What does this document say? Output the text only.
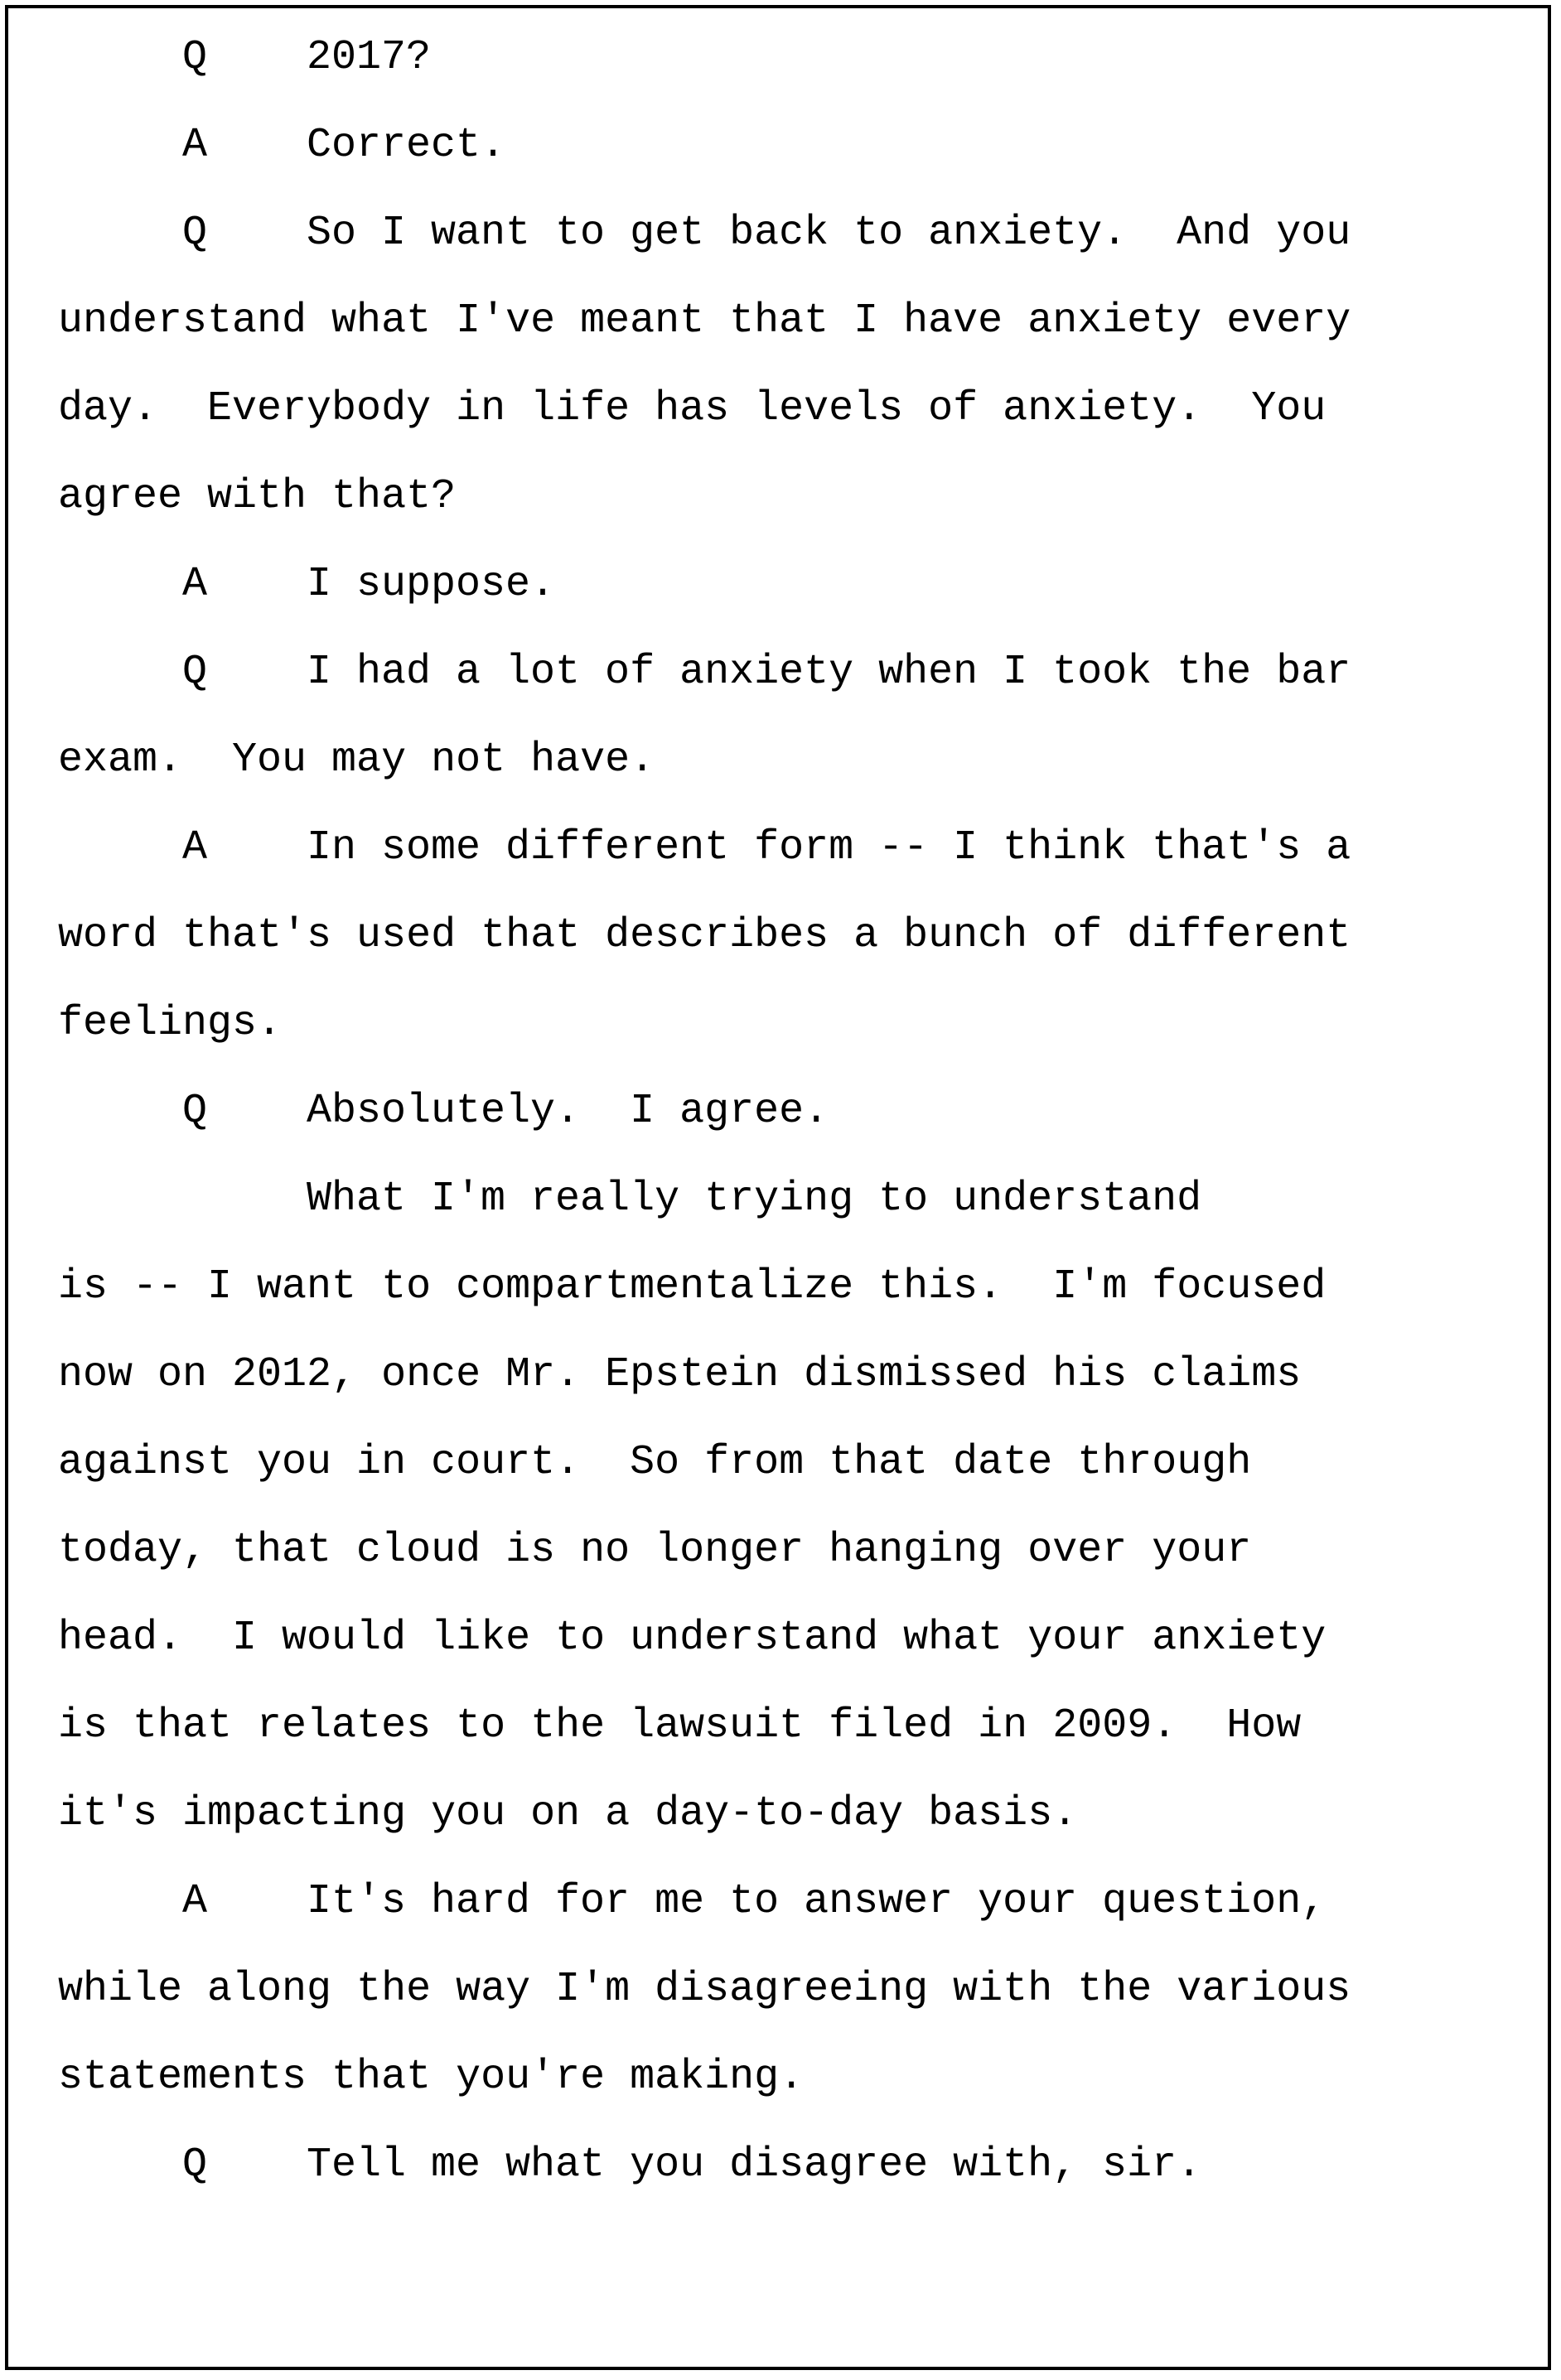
Q 2017?
A Correct.
Q So I want to get back to anxiety.  And you
understand what I've meant that I have anxiety every
day.  Everybody in life has levels of anxiety.  You
agree with that?
A I suppose.
Q I had a lot of anxiety when I took the bar
exam.  You may not have.
A In some different form -- I think that's a
word that's used that describes a bunch of different
feelings.
Q Absolutely.  I agree.
What I'm really trying to understand
is -- I want to compartmentalize this.  I'm focused
now on 2012, once Mr. Epstein dismissed his claims
against you in court.  So from that date through
today, that cloud is no longer hanging over your
head.  I would like to understand what your anxiety
is that relates to the lawsuit filed in 2009.  How
it's impacting you on a day-to-day basis.
A It's hard for me to answer your question,
while along the way I'm disagreeing with the various
statements that you're making.
Q Tell me what you disagree with, sir.
